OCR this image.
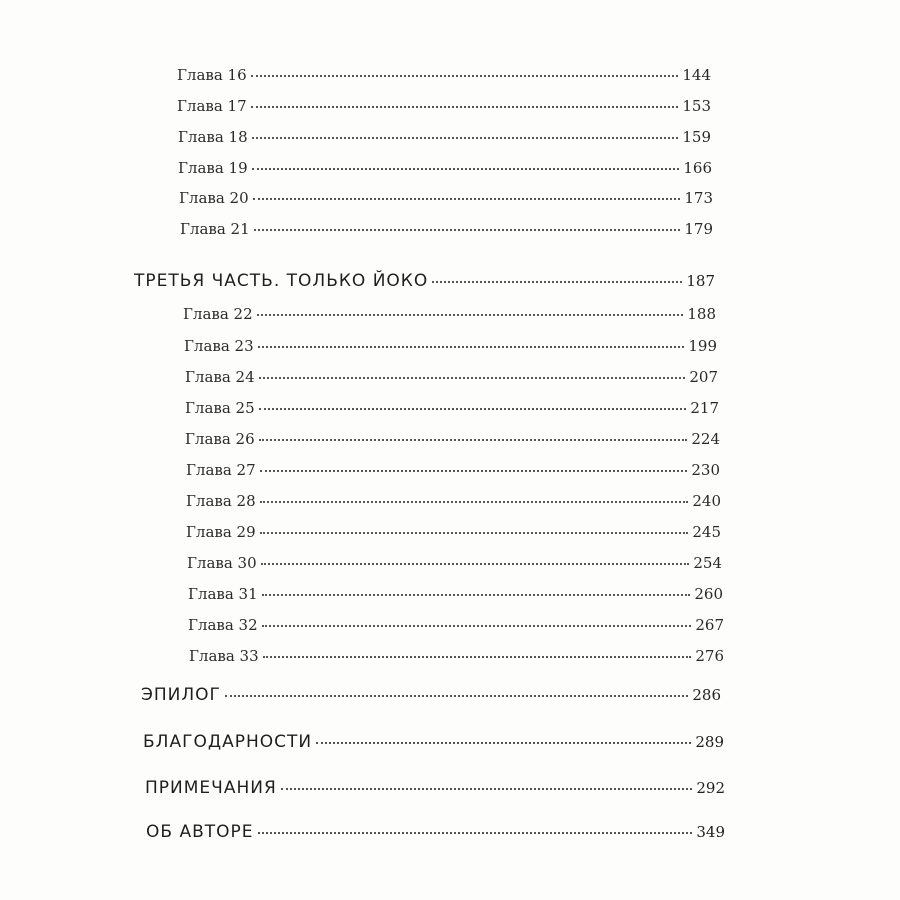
Глава 16	144
Глава 17	153
Глава 18	159
Глава 19	166
Глава 20	173
Глава 21	179
ТРЕТЬЯ ЧАСТЬ. ТОЛЬКО ЙОКО	187
Глава 22	188
Глава 23	199
Глава 24	207
Глава 25	217
Глава 26	224
Глава 27	230
Глава 28	240
Глава 29	245
Глава 30	254
Глава 31	260
Глава 32	267
Глава 33	276
ЭПИЛОГ	286
БЛАГОДАРНОСТИ	289
ПРИМЕЧАНИЯ	292
ОБ АВТОРЕ	349
